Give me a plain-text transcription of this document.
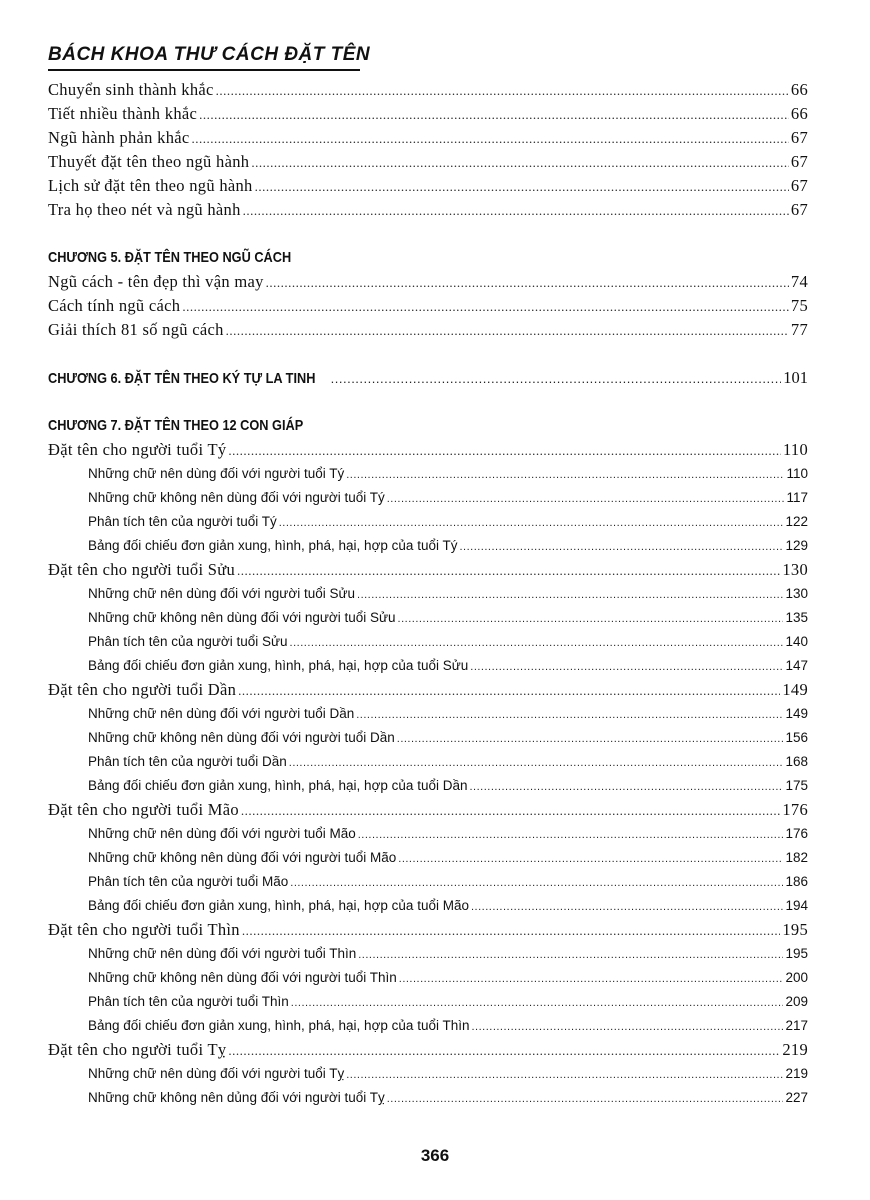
BÁCH KHOA THƯ CÁCH ĐẶT TÊN
Chuyển sinh thành khắc .....	66
Tiết nhiều thành khắc .....	66
Ngũ hành phản khắc .....	67
Thuyết đặt tên theo ngũ hành .....	67
Lịch sử đặt tên theo ngũ hành .....	67
Tra họ theo nét và ngũ hành .....	67
CHƯƠNG 5. ĐẶT TÊN THEO NGŨ CÁCH
Ngũ cách - tên đẹp thì vận may .....	74
Cách tính ngũ cách .....	75
Giải thích 81 số ngũ cách .....	77
CHƯƠNG 6. ĐẶT TÊN THEO KÝ TỰ LA TINH .....	101
CHƯƠNG 7. ĐẶT TÊN THEO 12 CON GIÁP
Đặt tên cho người tuổi Tý .....	110
Những chữ nên dùng đối với người tuổi Tý .....	110
Những chữ không nên dùng đối với người tuổi Tý .....	117
Phân tích tên của người tuổi Tý .....	122
Bảng đối chiếu đơn giản xung, hình, phá, hại, hợp của tuổi Tý .....	129
Đặt tên cho người tuổi Sửu .....	130
Những chữ nên dùng đối với người tuổi Sửu .....	130
Những chữ không nên dùng đối với người tuổi Sửu .....	135
Phân tích tên của người tuổi Sửu .....	140
Bảng đối chiếu đơn giản xung, hình, phá, hại, hợp của tuổi Sửu .....	147
Đặt tên cho người tuổi Dần .....	149
Những chữ nên dùng đối với người tuổi Dần .....	149
Những chữ không nên dùng đối với người tuổi Dần .....	156
Phân tích tên của người tuổi Dần .....	168
Bảng đối chiếu đơn giản xung, hình, phá, hại, hợp của tuổi Dần .....	175
Đặt tên cho người tuổi Mão .....	176
Những chữ nên dùng đối với người tuổi Mão .....	176
Những chữ không nên dùng đối với người tuổi Mão .....	182
Phân tích tên của người tuổi Mão .....	186
Bảng đối chiếu đơn giản xung, hình, phá, hại, hợp của tuổi Mão .....	194
Đặt tên cho người tuổi Thìn .....	195
Những chữ nên dùng đối với người tuổi Thìn .....	195
Những chữ không nên dùng đối với người tuổi Thìn .....	200
Phân tích tên của người tuổi Thìn .....	209
Bảng đối chiếu đơn giản xung, hình, phá, hại, hợp của tuổi Thìn .....	217
Đặt tên cho người tuổi Tỵ .....	219
Những chữ nên dùng đối với người tuổi Tỵ .....	219
Những chữ không nên dủng đối với người tuổi Tỵ .....	227
366
